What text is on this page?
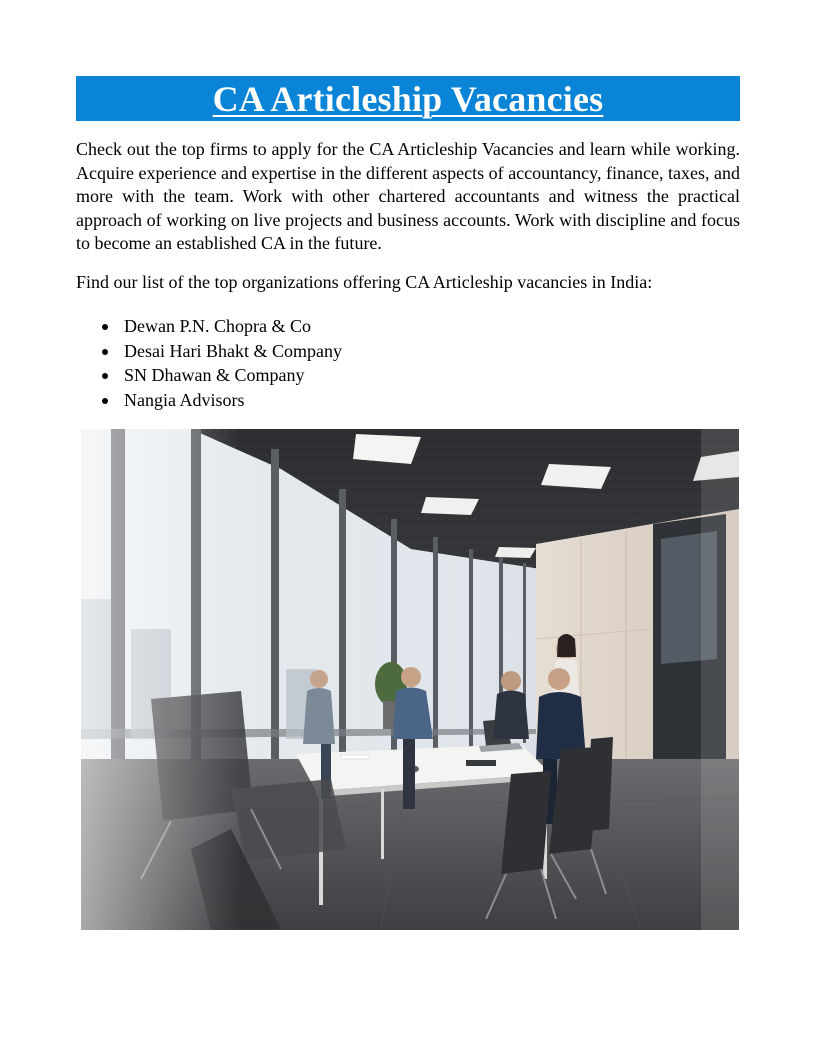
CA Articleship Vacancies

Check out the top firms to apply for the CA Articleship Vacancies and learn while working. Acquire experience and expertise in the different aspects of accountancy, finance, taxes, and more with the team. Work with other chartered accountants and witness the practical approach of working on live projects and business accounts. Work with discipline and focus to become an established CA in the future.

Find our list of the top organizations offering CA Articleship vacancies in India:

Dewan P.N. Chopra & Co
Desai Hari Bhakt & Company
SN Dhawan & Company
Nangia Advisors
